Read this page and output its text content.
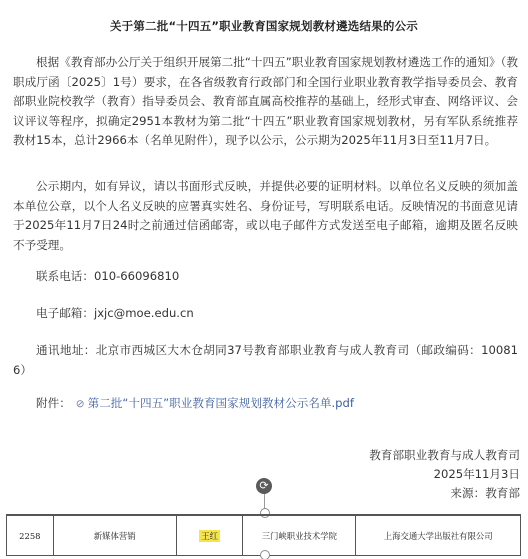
关于第二批“十四五”职业教育国家规划教材遴选结果的公示

根据《教育部办公厅关于组织开展第二批“十四五”职业教育国家规划教材遴选工作的通知》（教职成厅函〔2025〕1号）要求，在各省级教育行政部门和全国行业职业教育教学指导委员会、教育部职业院校教学（教育）指导委员会、教育部直属高校推荐的基础上，经形式审查、网络评议、会议评议等程序，拟确定2951本教材为第二批“十四五”职业教育国家规划教材，另有军队系统推荐教材15本，总计2966本（名单见附件），现予以公示，公示期为2025年11月3日至11月7日。

公示期内，如有异议，请以书面形式反映，并提供必要的证明材料。以单位名义反映的须加盖本单位公章，以个人名义反映的应署真实姓名、身份证号，写明联系电话。反映情况的书面意见请于2025年11月7日24时之前通过信函邮寄，或以电子邮件方式发送至电子邮箱，逾期及匿名反映不予受理。

联系电话：010-66096810
电子邮箱：jxjc@moe.edu.cn

通讯地址：北京市西城区大木仓胡同37号教育部职业教育与成人教育司（邮政编码：100816）

附件： ⊘ 第二批“十四五”职业教育国家规划教材公示名单.pdf
教育部职业教育与成人教育司
2025年11月3日
来源：教育部
⟳
2258	新媒体营销	王红	三门峡职业技术学院	上海交通大学出版社有限公司
